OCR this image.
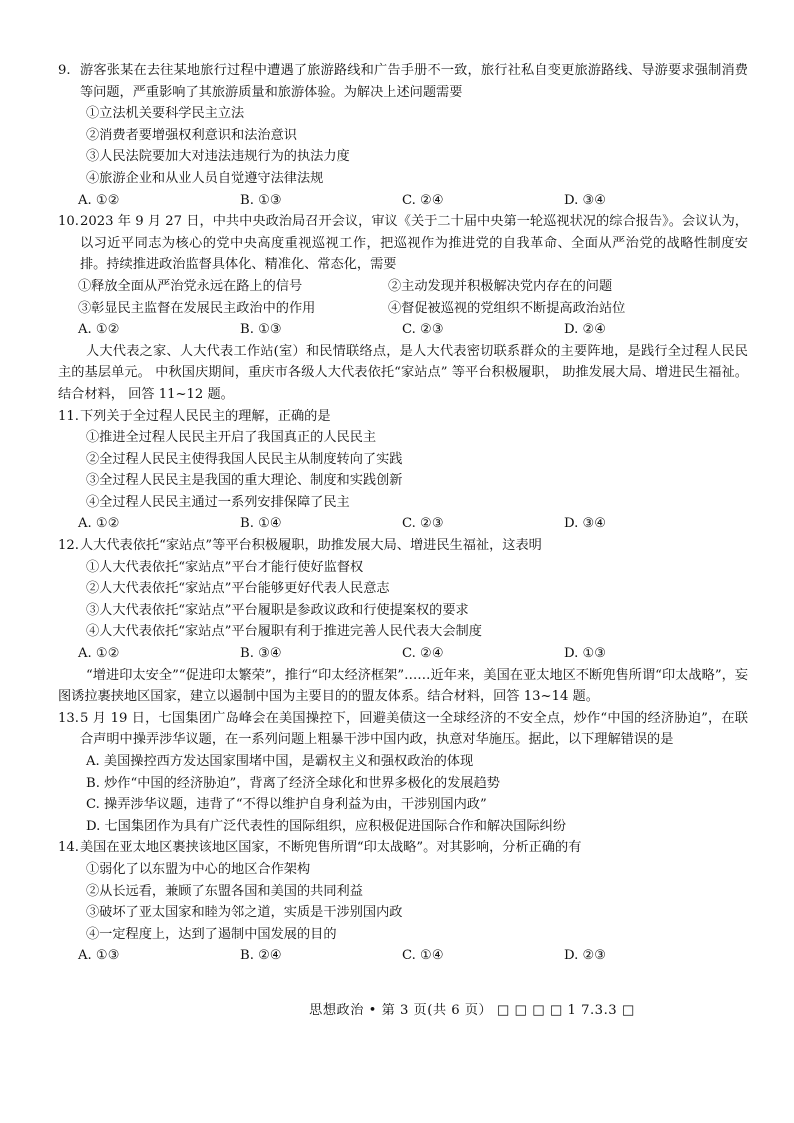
9. 游客张某在去往某地旅行过程中遭遇了旅游路线和广告手册不一致，旅行社私自变更旅游路线、导游要求强制消费等问题，严重影响了其旅游质量和旅游体验。为解决上述问题需要
①立法机关要科学民主立法
②消费者要增强权利意识和法治意识
③人民法院要加大对违法违规行为的执法力度
④旅游企业和从业人员自觉遵守法律法规
A. ①②	B. ①③	C. ②④	D. ③④
10. 2023 年 9 月 27 日，中共中央政治局召开会议，审议《关于二十届中央第一轮巡视状况的综合报告》。会议认为，以习近平同志为核心的党中央高度重视巡视工作，把巡视作为推进党的自我革命、全面从严治党的战略性制度安排。持续推进政治监督具体化、精准化、常态化，需要
①释放全面从严治党永远在路上的信号	②主动发现并积极解决党内存在的问题
③彰显民主监督在发展民主政治中的作用	④督促被巡视的党组织不断提高政治站位
A. ①②	B. ①③	C. ②③	D. ②④
人大代表之家、人大代表工作站(室）和民情联络点，是人大代表密切联系群众的主要阵地，是践行全过程人民民主的基层单元。 中秋国庆期间，重庆市各级人大代表依托“家站点” 等平台积极履职， 助推发展大局、增进民生福祉。结合材料， 回答 11~12 题。
11. 下列关于全过程人民民主的理解，正确的是
①推进全过程人民民主开启了我国真正的人民民主
②全过程人民民主使得我国人民民主从制度转向了实践
③全过程人民民主是我国的重大理论、制度和实践创新
④全过程人民民主通过一系列安排保障了民主
A. ①②	B. ①④	C. ②③	D. ③④
12. 人大代表依托“家站点”等平台积极履职，助推发展大局、增进民生福祉，这表明
①人大代表依托“家站点”平台才能行使好监督权
②人大代表依托“家站点”平台能够更好代表人民意志
③人大代表依托“家站点”平台履职是参政议政和行使提案权的要求
④人大代表依托“家站点”平台履职有利于推进完善人民代表大会制度
A. ①②	B. ③④	C. ②④	D. ①③
“增进印太安全”“促进印太繁荣”，推行“印太经济框架”……近年来，美国在亚太地区不断兜售所谓“印太战略”，妄图诱拉裹挟地区国家，建立以遏制中国为主要目的的盟友体系。结合材料，回答 13~14 题。
13. 5 月 19 日，七国集团广岛峰会在美国操控下，回避美债这一全球经济的不安全点，炒作“中国的经济胁迫”，在联合声明中操弄涉华议题，在一系列问题上粗暴干涉中国内政，执意对华施压。据此，以下理解错误的是
A. 美国操控西方发达国家围堵中国，是霸权主义和强权政治的体现
B. 炒作“中国的经济胁迫”，背离了经济全球化和世界多极化的发展趋势
C. 操弄涉华议题，违背了“不得以维护自身利益为由，干涉别国内政”
D. 七国集团作为具有广泛代表性的国际组织，应积极促进国际合作和解决国际纠纷
14. 美国在亚太地区裹挟该地区国家，不断兜售所谓“印太战略”。对其影响，分析正确的有
①弱化了以东盟为中心的地区合作架构
②从长远看，兼顾了东盟各国和美国的共同利益
③破坏了亚太国家和睦为邻之道，实质是干涉别国内政
④一定程度上，达到了遏制中国发展的目的
A. ①③	B. ②④	C. ①④	D. ②③
思想政治 • 第 3 页(共 6 页） □ □ □ □ 1 7.3.3 □
